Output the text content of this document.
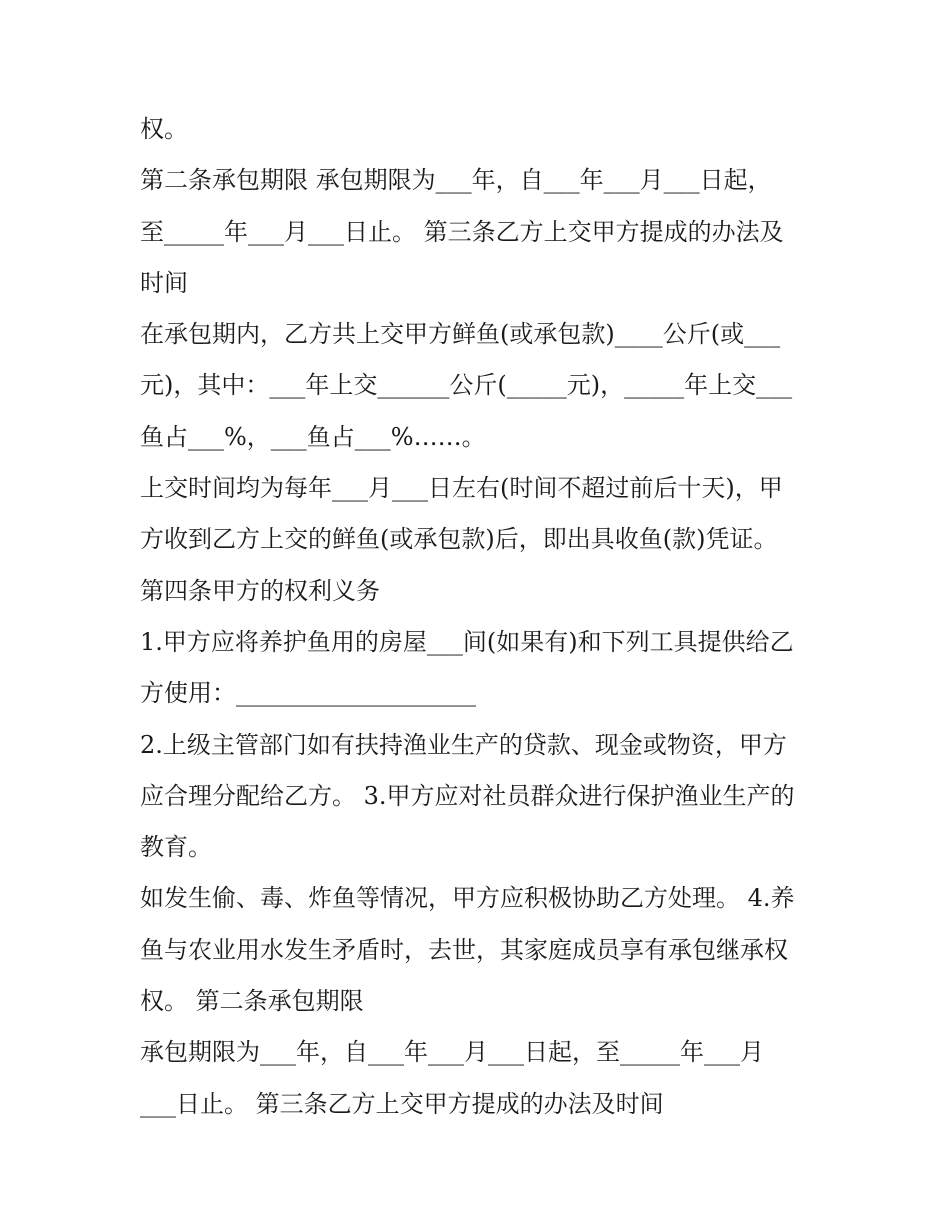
权。
第二条承包期限 承包期限为___年，自___年___月___日起，
至_____年___月___日止。 第三条乙方上交甲方提成的办法及
时间
在承包期内，乙方共上交甲方鲜鱼(或承包款)____公斤(或___
元)，其中：___年上交______公斤(_____元)，_____年上交___
鱼占___%，___鱼占___%……。
上交时间均为每年___月___日左右(时间不超过前后十天)，甲
方收到乙方上交的鲜鱼(或承包款)后，即出具收鱼(款)凭证。
第四条甲方的权利义务
1.甲方应将养护鱼用的房屋___间(如果有)和下列工具提供给乙
方使用：____________________
2.上级主管部门如有扶持渔业生产的贷款、现金或物资，甲方
应合理分配给乙方。 3.甲方应对社员群众进行保护渔业生产的
教育。
如发生偷、毒、炸鱼等情况，甲方应积极协助乙方处理。 4.养
鱼与农业用水发生矛盾时，去世，其家庭成员享有承包继承权
权。 第二条承包期限
承包期限为___年，自___年___月___日起，至_____年___月
___日止。 第三条乙方上交甲方提成的办法及时间
